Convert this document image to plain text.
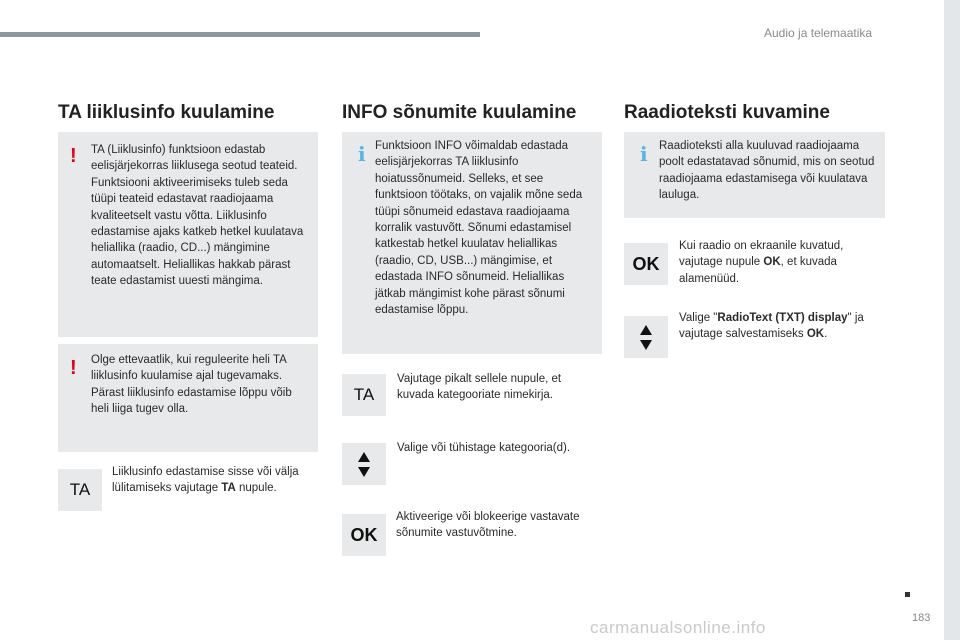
Audio ja telemaatika
TA liiklusinfo kuulamine
! TA (Liiklusinfo) funktsioon edastab eelisjärjekorras liiklusega seotud teateid. Funktsiooni aktiveerimiseks tuleb seda tüüpi teateid edastavat raadiojaama kvaliteetselt vastu võtta. Liiklusinfo edastamise ajaks katkeb hetkel kuulatava heliallika (raadio, CD...) mängimine automaatselt. Heliallikas hakkab pärast teate edastamist uuesti mängima.

! Olge ettevaatlik, kui reguleerite heli TA liiklusinfo kuulamise ajal tugevamaks. Pärast liiklusinfo edastamise lõppu võib heli liiga tugev olla.

TA

Liiklusinfo edastamise sisse või välja lülitamiseks vajutage TA nupule.

INFO sõnumite kuulamine
i Funktsioon INFO võimaldab edastada eelisjärjekorras TA liiklusinfo hoiatussõnumeid. Selleks, et see funktsioon töötaks, on vajalik mõne seda tüüpi sõnumeid edastava raadiojaama korralik vastuvõtt. Sõnumi edastamisel katkestab hetkel kuulatav heliallikas (raadio, CD, USB...) mängimise, et edastada INFO sõnumeid. Heliallikas jätkab mängimist kohe pärast sõnumi edastamise lõppu.

TA

Vajutage pikalt sellele nupule, et kuvada kategooriate nimekirja.

Valige või tühistage kategooria(d).

OK

Aktiveerige või blokeerige vastavate sõnumite vastuvõtmine.

Raadioteksti kuvamine
i Raadioteksti alla kuuluvad raadiojaama poolt edastatavad sõnumid, mis on seotud raadiojaama edastamisega või kuulatava lauluga.

OK

Kui raadio on ekraanile kuvatud, vajutage nupule OK, et kuvada alamenüüd.

Valige "RadioText (TXT) display" ja vajutage salvestamiseks OK.

carmanualsonline.info	183
